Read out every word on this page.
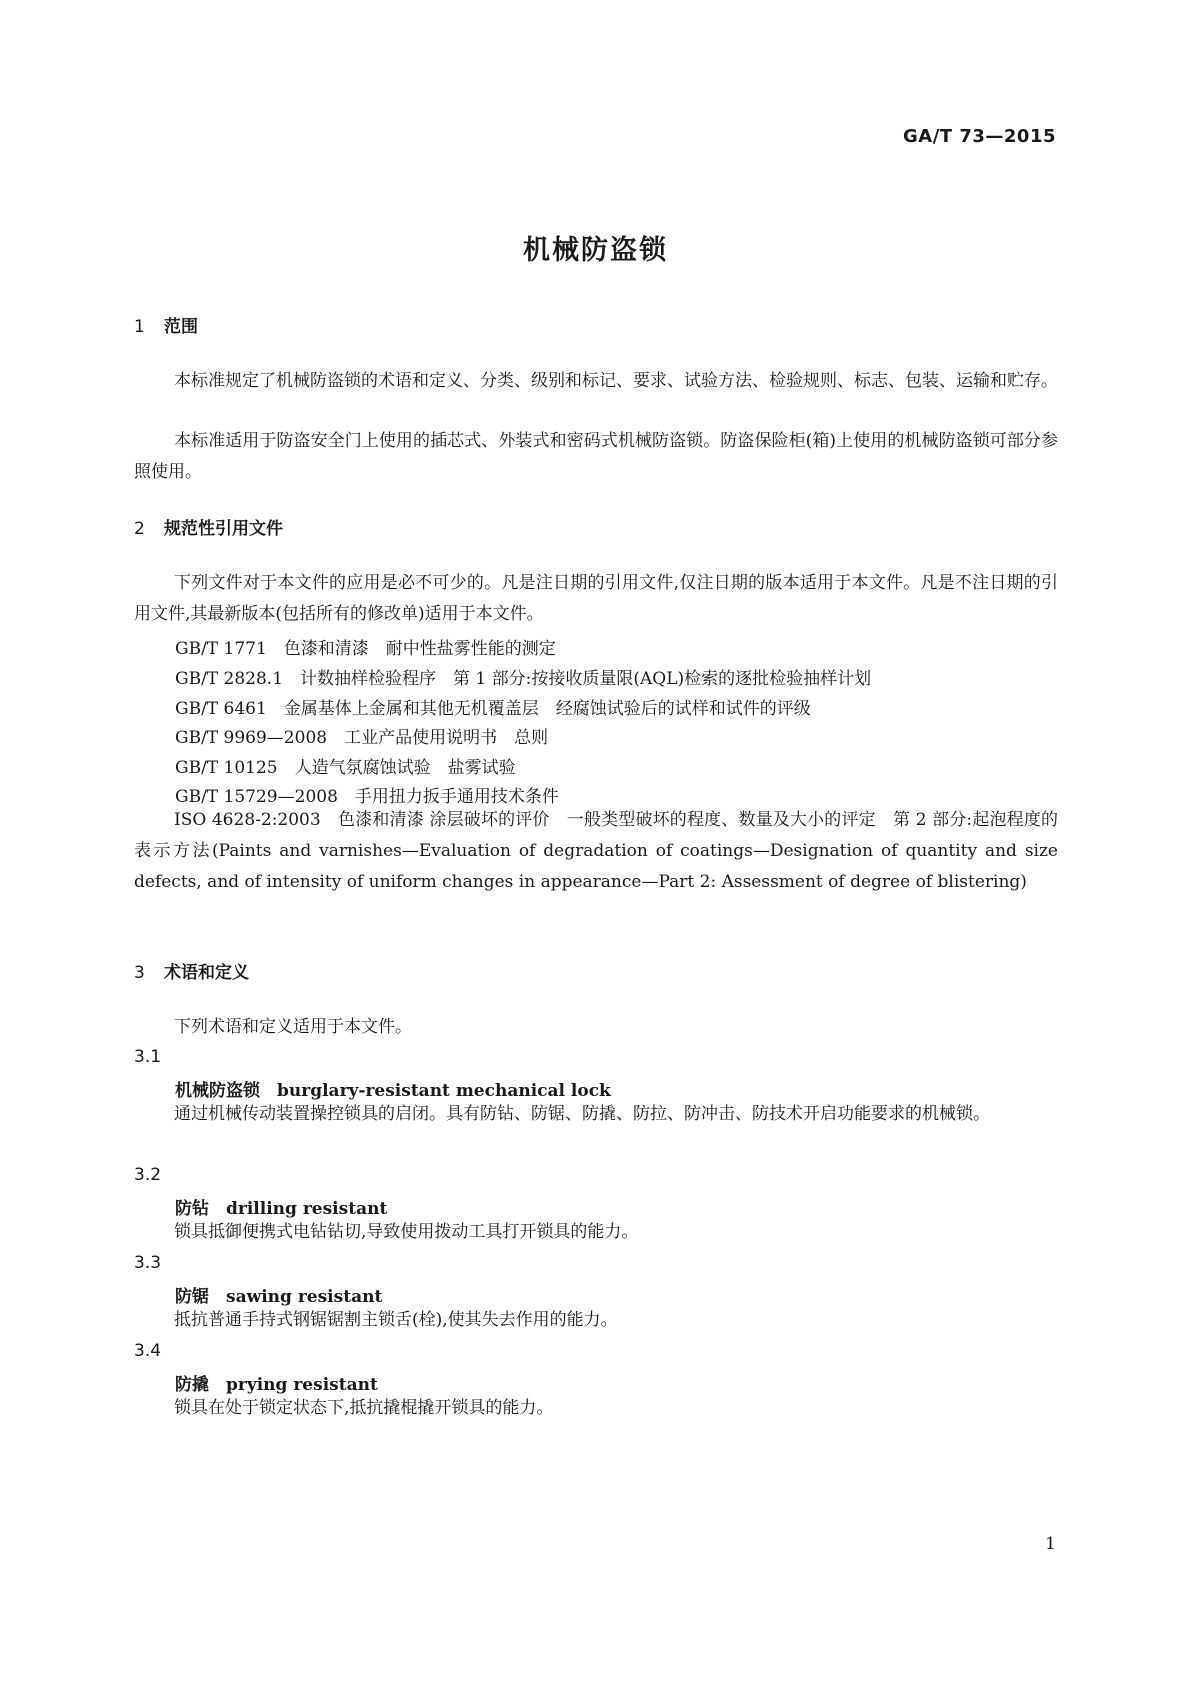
GA/T 73—2015
机械防盗锁
1 范围
本标准规定了机械防盗锁的术语和定义、分类、级别和标记、要求、试验方法、检验规则、标志、包装、运输和贮存。
本标准适用于防盗安全门上使用的插芯式、外装式和密码式机械防盗锁。防盗保险柜(箱)上使用的机械防盗锁可部分参照使用。
2 规范性引用文件
下列文件对于本文件的应用是必不可少的。凡是注日期的引用文件,仅注日期的版本适用于本文件。凡是不注日期的引用文件,其最新版本(包括所有的修改单)适用于本文件。
GB/T 1771　色漆和清漆　耐中性盐雾性能的测定
GB/T 2828.1　计数抽样检验程序　第 1 部分:按接收质量限(AQL)检索的逐批检验抽样计划
GB/T 6461　金属基体上金属和其他无机覆盖层　经腐蚀试验后的试样和试件的评级
GB/T 9969—2008　工业产品使用说明书　总则
GB/T 10125　人造气氛腐蚀试验　盐雾试验
GB/T 15729—2008　手用扭力扳手通用技术条件
ISO 4628-2:2003　色漆和清漆 涂层破坏的评价　一般类型破坏的程度、数量及大小的评定　第 2 部分:起泡程度的表示方法(Paints and varnishes—Evaluation of degradation of coatings—Designation of quantity and size defects, and of intensity of uniform changes in appearance—Part 2: Assessment of degree of blistering)
3 术语和定义
下列术语和定义适用于本文件。
3.1
机械防盗锁　 burglary-resistant mechanical lock
通过机械传动装置操控锁具的启闭。具有防钻、防锯、防撬、防拉、防冲击、防技术开启功能要求的机械锁。
3.2
防钻　 drilling resistant
锁具抵御便携式电钻钻切,导致使用拨动工具打开锁具的能力。
3.3
防锯　 sawing resistant
抵抗普通手持式钢锯锯割主锁舌(栓),使其失去作用的能力。
3.4
防撬　 prying resistant
锁具在处于锁定状态下,抵抗撬棍撬开锁具的能力。
1
